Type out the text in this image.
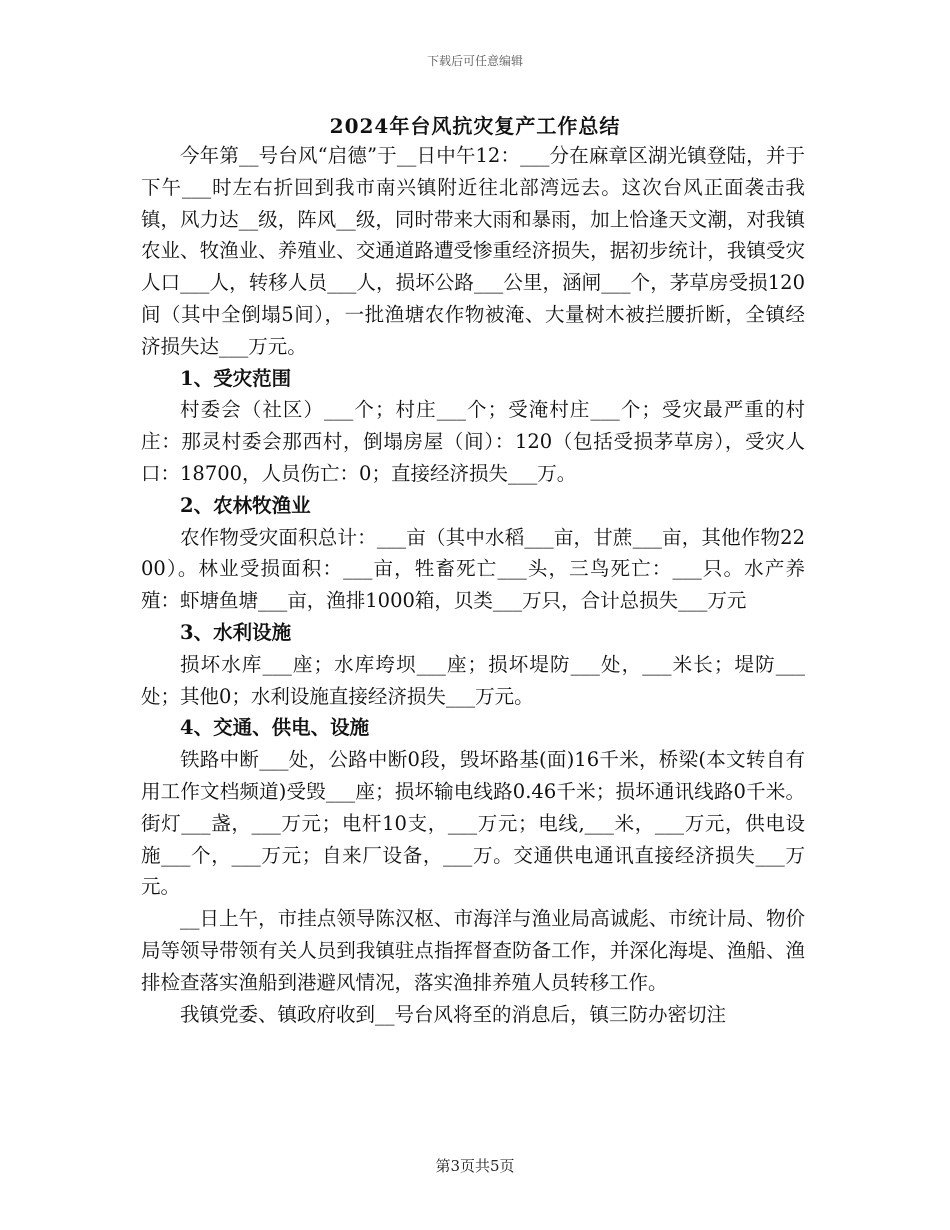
下载后可任意编辑
2024年台风抗灾复产工作总结

今年第__号台风“启德”于__日中午12：___分在麻章区湖光镇登陆，并于下午___时左右折回到我市南兴镇附近往北部湾远去。这次台风正面袭击我镇，风力达__级，阵风__级，同时带来大雨和暴雨，加上恰逢天文潮，对我镇农业、牧渔业、养殖业、交通道路遭受惨重经济损失，据初步统计，我镇受灾人口___人，转移人员___人，损坏公路___公里，涵闸___个，茅草房受损120间（其中全倒塌5间），一批渔塘农作物被淹、大量树木被拦腰折断，全镇经济损失达___万元。

1、受灾范围

村委会（社区）___个；村庄___个；受淹村庄___个；受灾最严重的村庄：那灵村委会那西村，倒塌房屋（间）：120（包括受损茅草房），受灾人口：18700，人员伤亡：0；直接经济损失___万。

2、农林牧渔业

农作物受灾面积总计：___亩（其中水稻___亩，甘蔗___亩，其他作物2200）。林业受损面积：___亩，牲畜死亡___头，三鸟死亡：___只。水产养殖：虾塘鱼塘___亩，渔排1000箱，贝类___万只，合计总损失___万元

3、水利设施

损坏水库___座；水库垮坝___座；损坏堤防___处，___米长；堤防___处；其他0；水利设施直接经济损失___万元。

4、交通、供电、设施

铁路中断___处，公路中断0段，毁坏路基(面)16千米，桥梁(本文转自有用工作文档频道)受毁___座；损坏输电线路0.46千米；损坏通讯线路0千米。街灯___盏，___万元；电杆10支，___万元；电线,___米，___万元，供电设施___个，___万元；自来厂设备，___万。交通供电通讯直接经济损失___万元。

__日上午，市挂点领导陈汉枢、市海洋与渔业局高诚彪、市统计局、物价局等领导带领有关人员到我镇驻点指挥督查防备工作，并深化海堤、渔船、渔排检查落实渔船到港避风情况，落实渔排养殖人员转移工作。

我镇党委、镇政府收到__号台风将至的消息后，镇三防办密切注

第3页共5页
